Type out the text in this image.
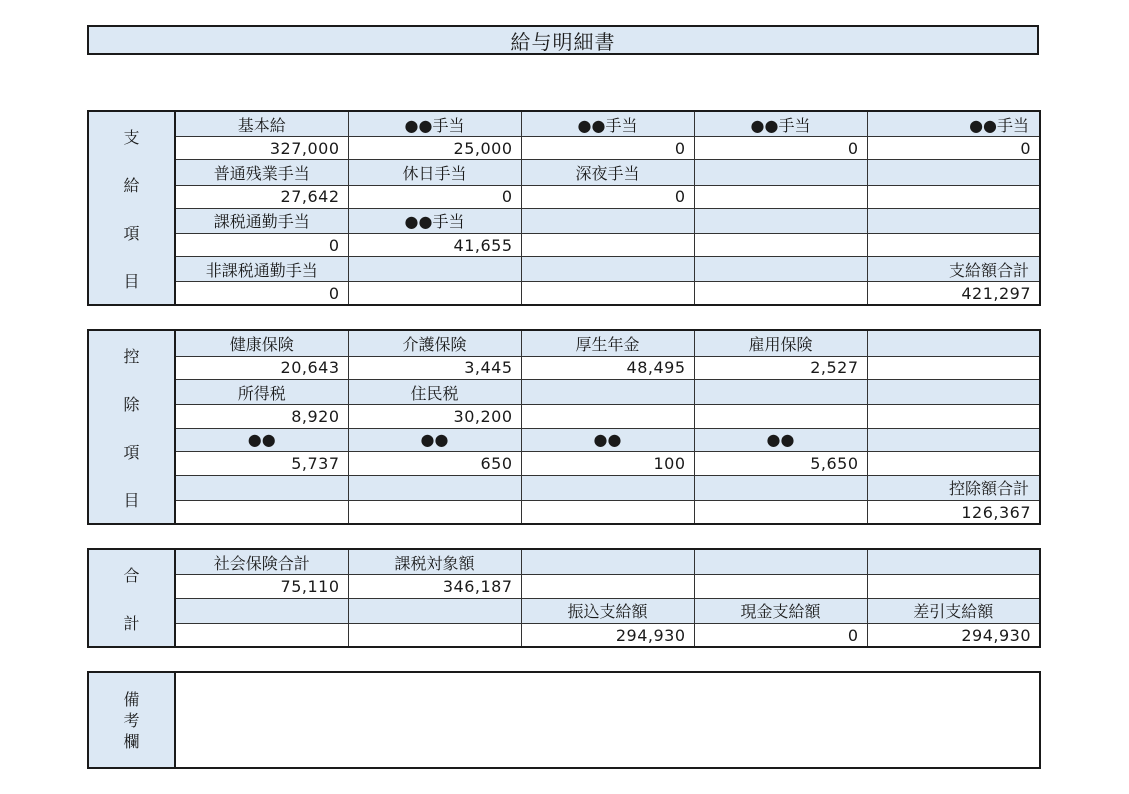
給与明細書
支
給
項
目	基本給	●●手当	●●手当	●●手当	●●手当
	327,000	25,000	0	0	0
	普通残業手当	休日手当	深夜手当		
	27,642	0	0		
	課税通勤手当	●●手当			
	0	41,655			
	非課税通勤手当				支給額合計
	0				421,297
控
除
項
目	健康保険	介護保険	厚生年金	雇用保険	
	20,643	3,445	48,495	2,527	
	所得税	住民税			
	8,920	30,200			
	●●	●●	●●	●●	
	5,737	650	100	5,650	
					控除額合計
					126,367
合
計	社会保険合計	課税対象額			
	75,110	346,187			
			振込支給額	現金支給額	差引支給額
			294,930	0	294,930
備
考
欄
